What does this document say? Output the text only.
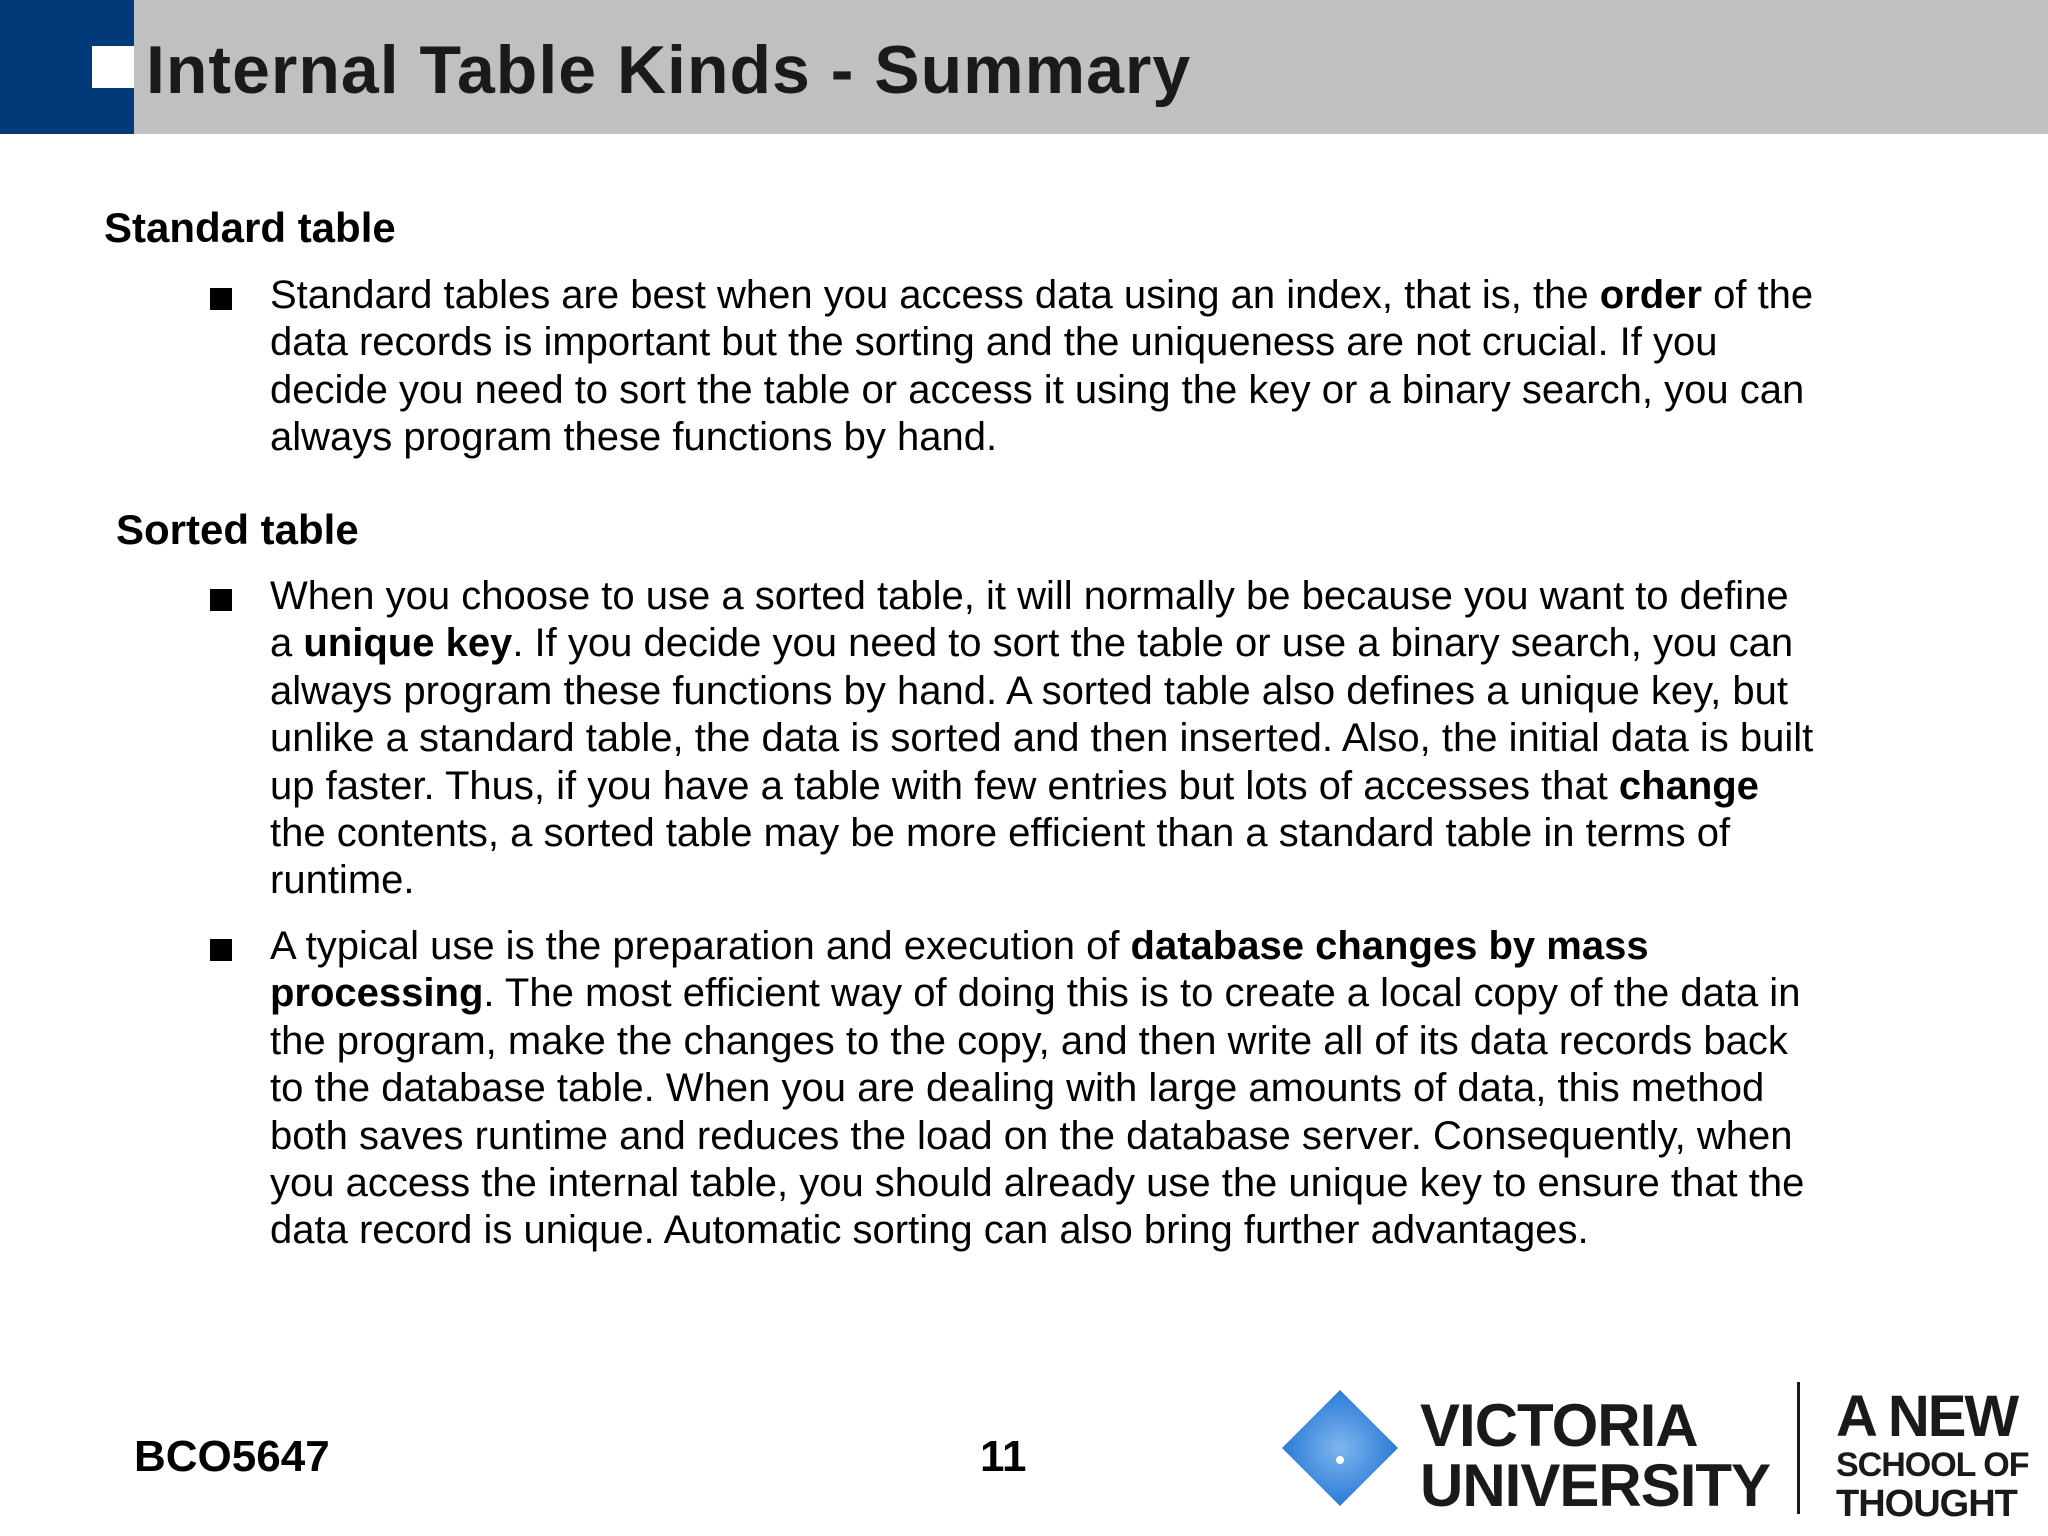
Internal Table Kinds - Summary
Standard table

Standard tables are best when you access data using an index, that is, the order of the

data records is important but the sorting and the uniqueness are not crucial. If you

decide you need to sort the table or access it using the key or a binary search, you can

always program these functions by hand.

Sorted table

When you choose to use a sorted table, it will normally be because you want to define

a unique key. If you decide you need to sort the table or use a binary search, you can

always program these functions by hand. A sorted table also defines a unique key, but

unlike a standard table, the data is sorted and then inserted. Also, the initial data is built

up faster. Thus, if you have a table with few entries but lots of accesses that change

the contents, a sorted table may be more efficient than a standard table in terms of

runtime.

A typical use is the preparation and execution of database changes by mass

processing. The most efficient way of doing this is to create a local copy of the data in

the program, make the changes to the copy, and then write all of its data records back

to the database table. When you are dealing with large amounts of data, this method

both saves runtime and reduces the load on the database server. Consequently, when

you access the internal table, you should already use the unique key to ensure that the

data record is unique. Automatic sorting can also bring further advantages.

BCO5647	11	VICTORIA
UNIVERSITY
A NEW
SCHOOL OF
THOUGHT
